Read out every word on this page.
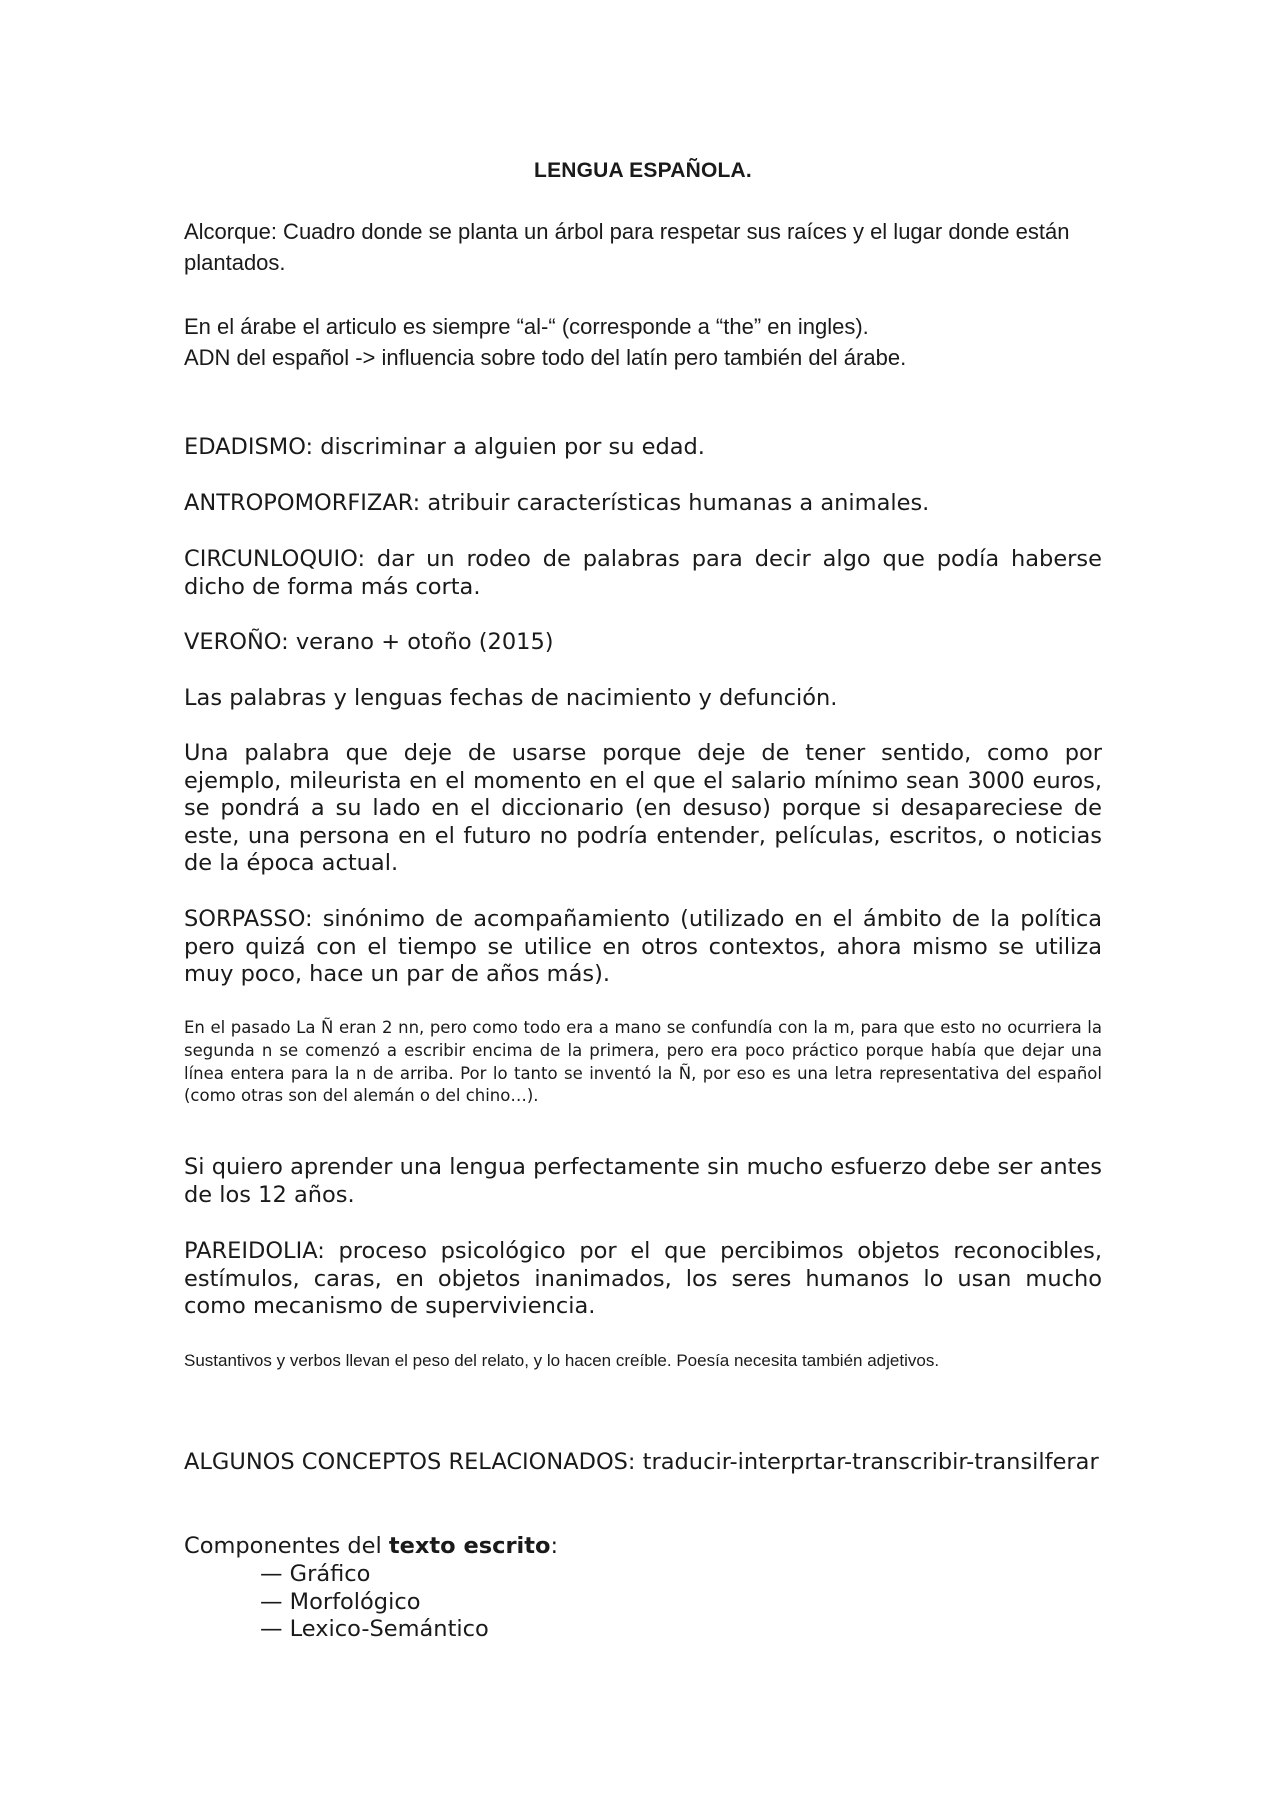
LENGUA ESPAÑOLA.

Alcorque: Cuadro donde se planta un árbol para respetar sus raíces y el lugar donde están plantados.

En el árabe el articulo es siempre “al-“ (corresponde a “the” en ingles).

ADN del español -> influencia sobre todo del latín pero también del árabe.

EDADISMO: discriminar a alguien por su edad.

ANTROPOMORFIZAR: atribuir características humanas a animales.

CIRCUNLOQUIO: dar un rodeo de palabras para decir algo que podía haberse dicho de forma más corta.

VEROÑO: verano + otoño (2015)

Las palabras y lenguas fechas de nacimiento y defunción.

Una palabra que deje de usarse porque deje de tener sentido, como por ejemplo, mileurista en el momento en el que el salario mínimo sean 3000 euros, se pondrá a su lado en el diccionario (en desuso) porque si desapareciese de este, una persona en el futuro no podría entender, películas, escritos, o noticias de la época actual.

SORPASSO: sinónimo de acompañamiento (utilizado en el ámbito de la política pero quizá con el tiempo se utilice en otros contextos, ahora mismo se utiliza muy poco, hace un par de años más).

En el pasado La Ñ eran 2 nn, pero como todo era a mano se confundía con la m, para que esto no ocurriera la segunda n se comenzó a escribir encima de la primera, pero era poco práctico porque había que dejar una línea entera para la n de arriba. Por lo tanto se inventó la Ñ, por eso es una letra representativa del español (como otras son del alemán o del chino…).

Si quiero aprender una lengua perfectamente sin mucho esfuerzo debe ser antes de los 12 años.

PAREIDOLIA: proceso psicológico por el que percibimos objetos reconocibles, estímulos, caras, en objetos inanimados, los seres humanos lo usan mucho como mecanismo de superviviencia.

Sustantivos y verbos llevan el peso del relato, y lo hacen creíble. Poesía necesita también adjetivos.

ALGUNOS CONCEPTOS RELACIONADOS: traducir-interprtar-transcribir-transilferar

Componentes del texto escrito:

— Gráfico
— Morfológico
— Lexico-Semántico
